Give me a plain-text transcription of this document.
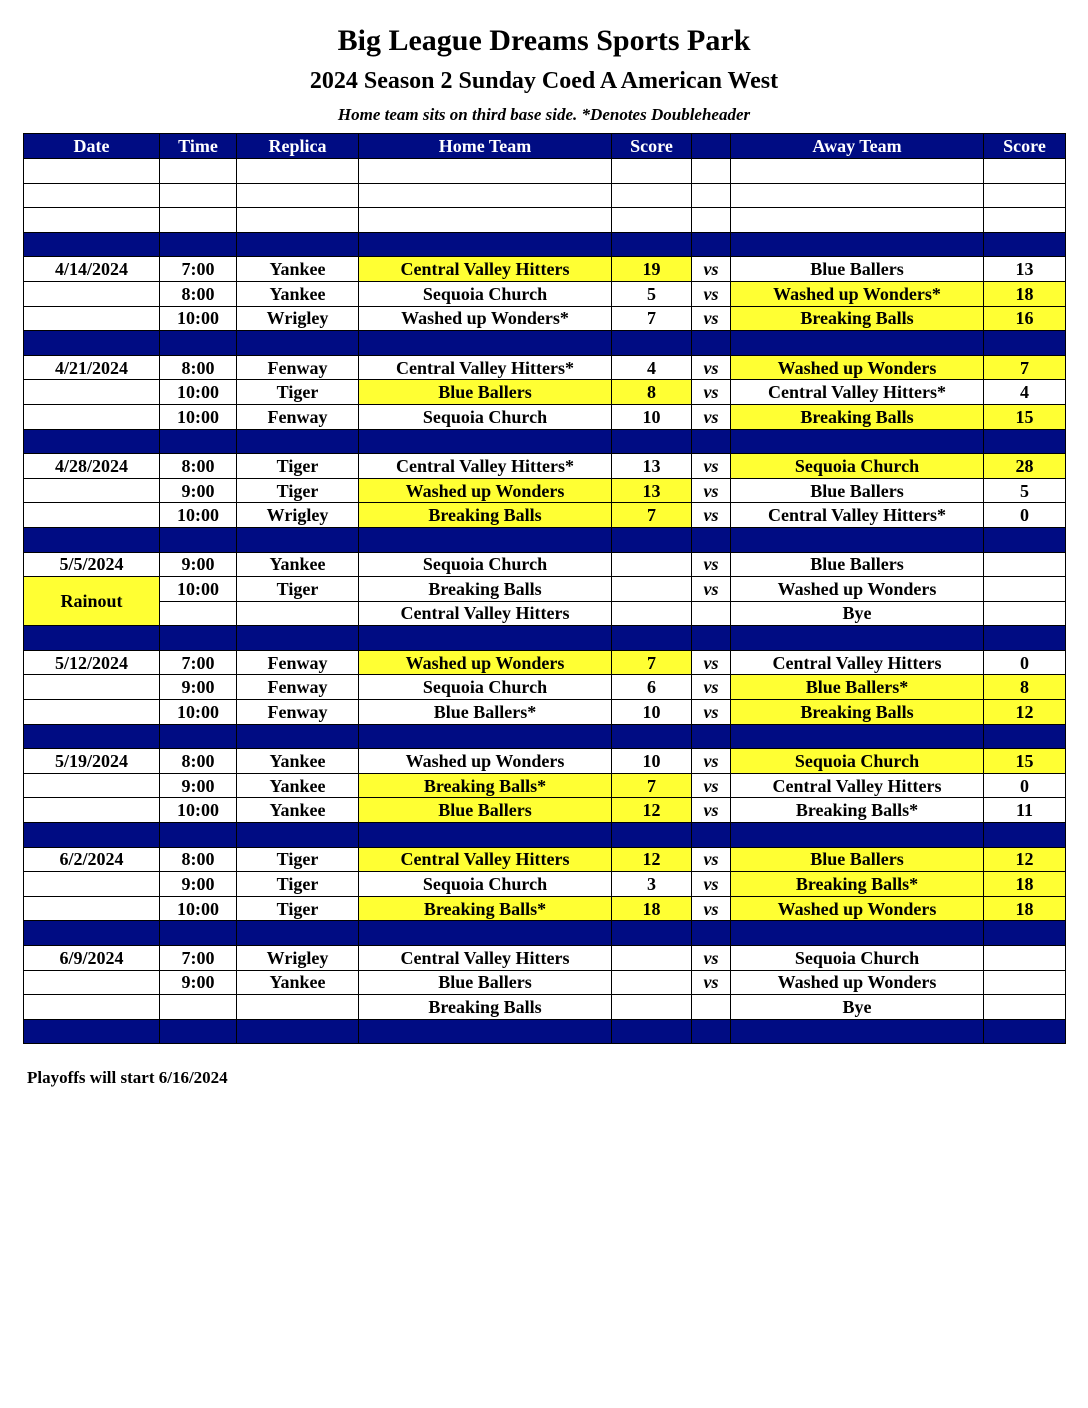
Big League Dreams Sports Park
2024 Season 2 Sunday Coed A American West
Home team sits on third base side. *Denotes Doubleheader
Date	Time	Replica	Home Team	Score		Away Team	Score

4/14/2024	7:00	Yankee	Central Valley Hitters	19	vs	Blue Ballers	13
	8:00	Yankee	Sequoia Church	5	vs	Washed up Wonders*	18
	10:00	Wrigley	Washed up Wonders*	7	vs	Breaking Balls	16

4/21/2024	8:00	Fenway	Central Valley Hitters*	4	vs	Washed up Wonders	7
	10:00	Tiger	Blue Ballers	8	vs	Central Valley Hitters*	4
	10:00	Fenway	Sequoia Church	10	vs	Breaking Balls	15

4/28/2024	8:00	Tiger	Central Valley Hitters*	13	vs	Sequoia Church	28
	9:00	Tiger	Washed up Wonders	13	vs	Blue Ballers	5
	10:00	Wrigley	Breaking Balls	7	vs	Central Valley Hitters*	0

5/5/2024	9:00	Yankee	Sequoia Church		vs	Blue Ballers	
Rainout	10:00	Tiger	Breaking Balls		vs	Washed up Wonders	
			Central Valley Hitters			Bye	

5/12/2024	7:00	Fenway	Washed up Wonders	7	vs	Central Valley Hitters	0
	9:00	Fenway	Sequoia Church	6	vs	Blue Ballers*	8
	10:00	Fenway	Blue Ballers*	10	vs	Breaking Balls	12

5/19/2024	8:00	Yankee	Washed up Wonders	10	vs	Sequoia Church	15
	9:00	Yankee	Breaking Balls*	7	vs	Central Valley Hitters	0
	10:00	Yankee	Blue Ballers	12	vs	Breaking Balls*	11

6/2/2024	8:00	Tiger	Central Valley Hitters	12	vs	Blue Ballers	12
	9:00	Tiger	Sequoia Church	3	vs	Breaking Balls*	18
	10:00	Tiger	Breaking Balls*	18	vs	Washed up Wonders	18

6/9/2024	7:00	Wrigley	Central Valley Hitters		vs	Sequoia Church	
	9:00	Yankee	Blue Ballers		vs	Washed up Wonders	
			Breaking Balls			Bye	

Playoffs will start 6/16/2024
